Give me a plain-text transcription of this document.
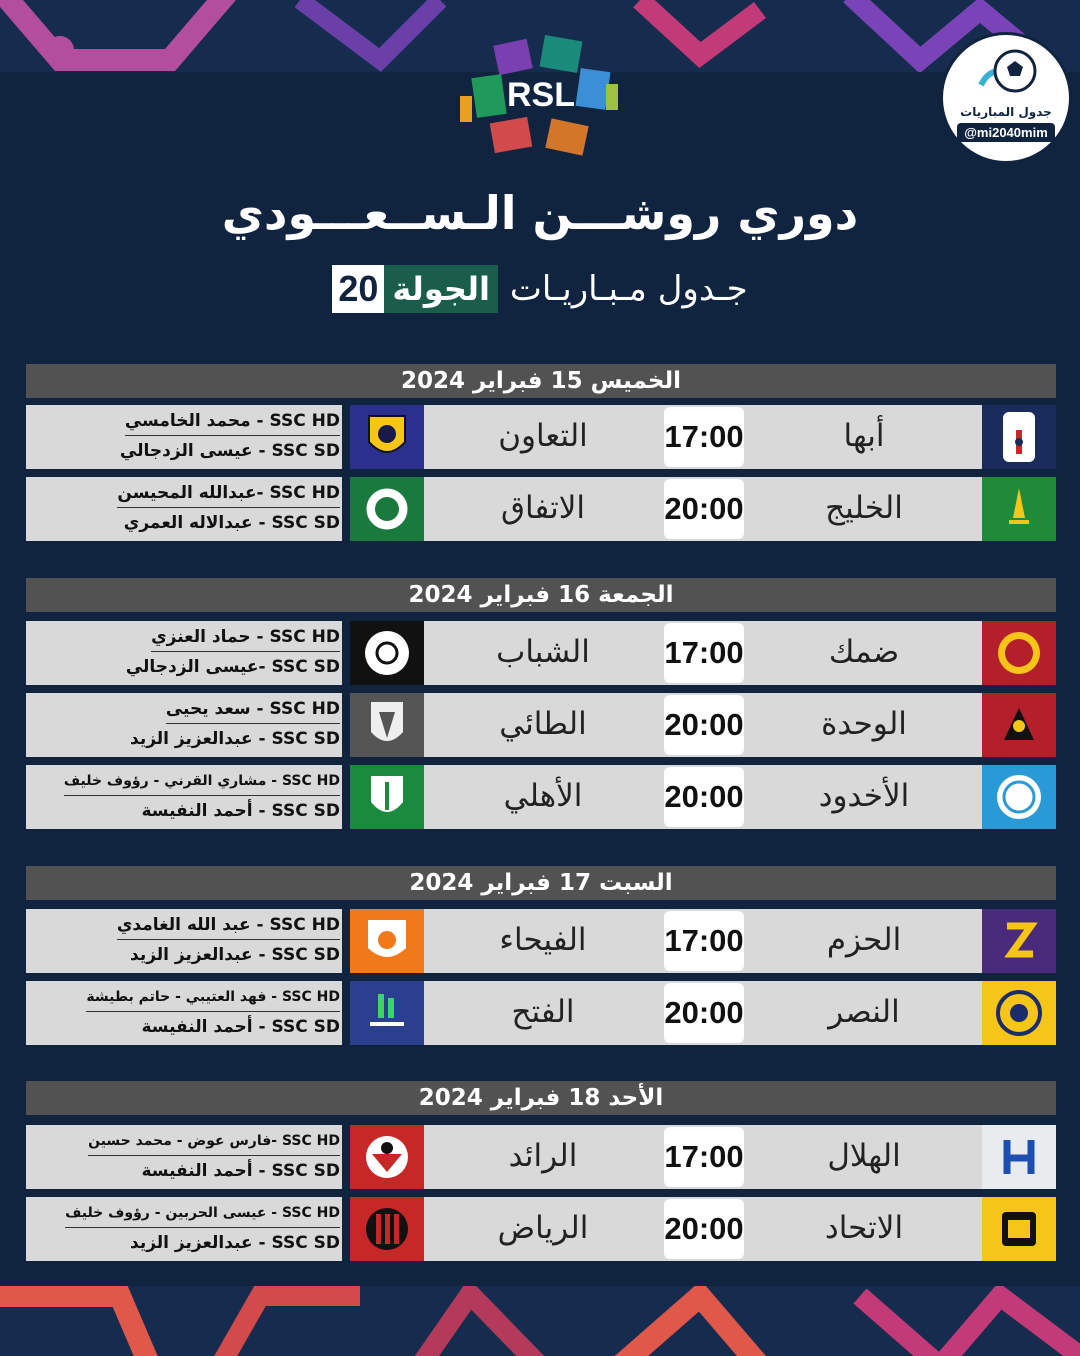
RSL	جدول المباريات
@mi2040mim
دوري روشـــن الـســعـــودي
20 الجولة جـدول مـبـاريـات
الخميس 15 فبراير 2024
SSC HD - محمد الخامسي
SSC SD - عيسى الزدجالي	التعاون	17:00	أبها
SSC HD -عبدالله المحيسن
SSC SD - عبدالاله العمري	الاتفاق	20:00	الخليج
الجمعة 16 فبراير 2024
SSC HD - حماد العنزي
SSC SD -عيسى الزدجالي	الشباب	17:00	ضمك
SSC HD - سعد يحيى
SSC SD - عبدالعزيز الزيد	الطائي	20:00	الوحدة
SSC HD - مشاري القرني - رؤوف خليف
SSC SD - أحمد النفيسة	الأهلي	20:00	الأخدود
السبت 17 فبراير 2024
SSC HD - عبد الله الغامدي
SSC SD - عبدالعزيز الزيد	الفيحاء	17:00	الحزم
SSC HD - فهد العتيبي - حاتم بطيشة
SSC SD - أحمد النفيسة	الفتح	20:00	النصر
الأحد 18 فبراير 2024
SSC HD -فارس عوض - محمد حسين
SSC SD - أحمد النفيسة	الرائد	17:00	الهلال
SSC HD - عيسى الحربين - رؤوف خليف
SSC SD - عبدالعزيز الزيد	الرياض	20:00	الاتحاد
